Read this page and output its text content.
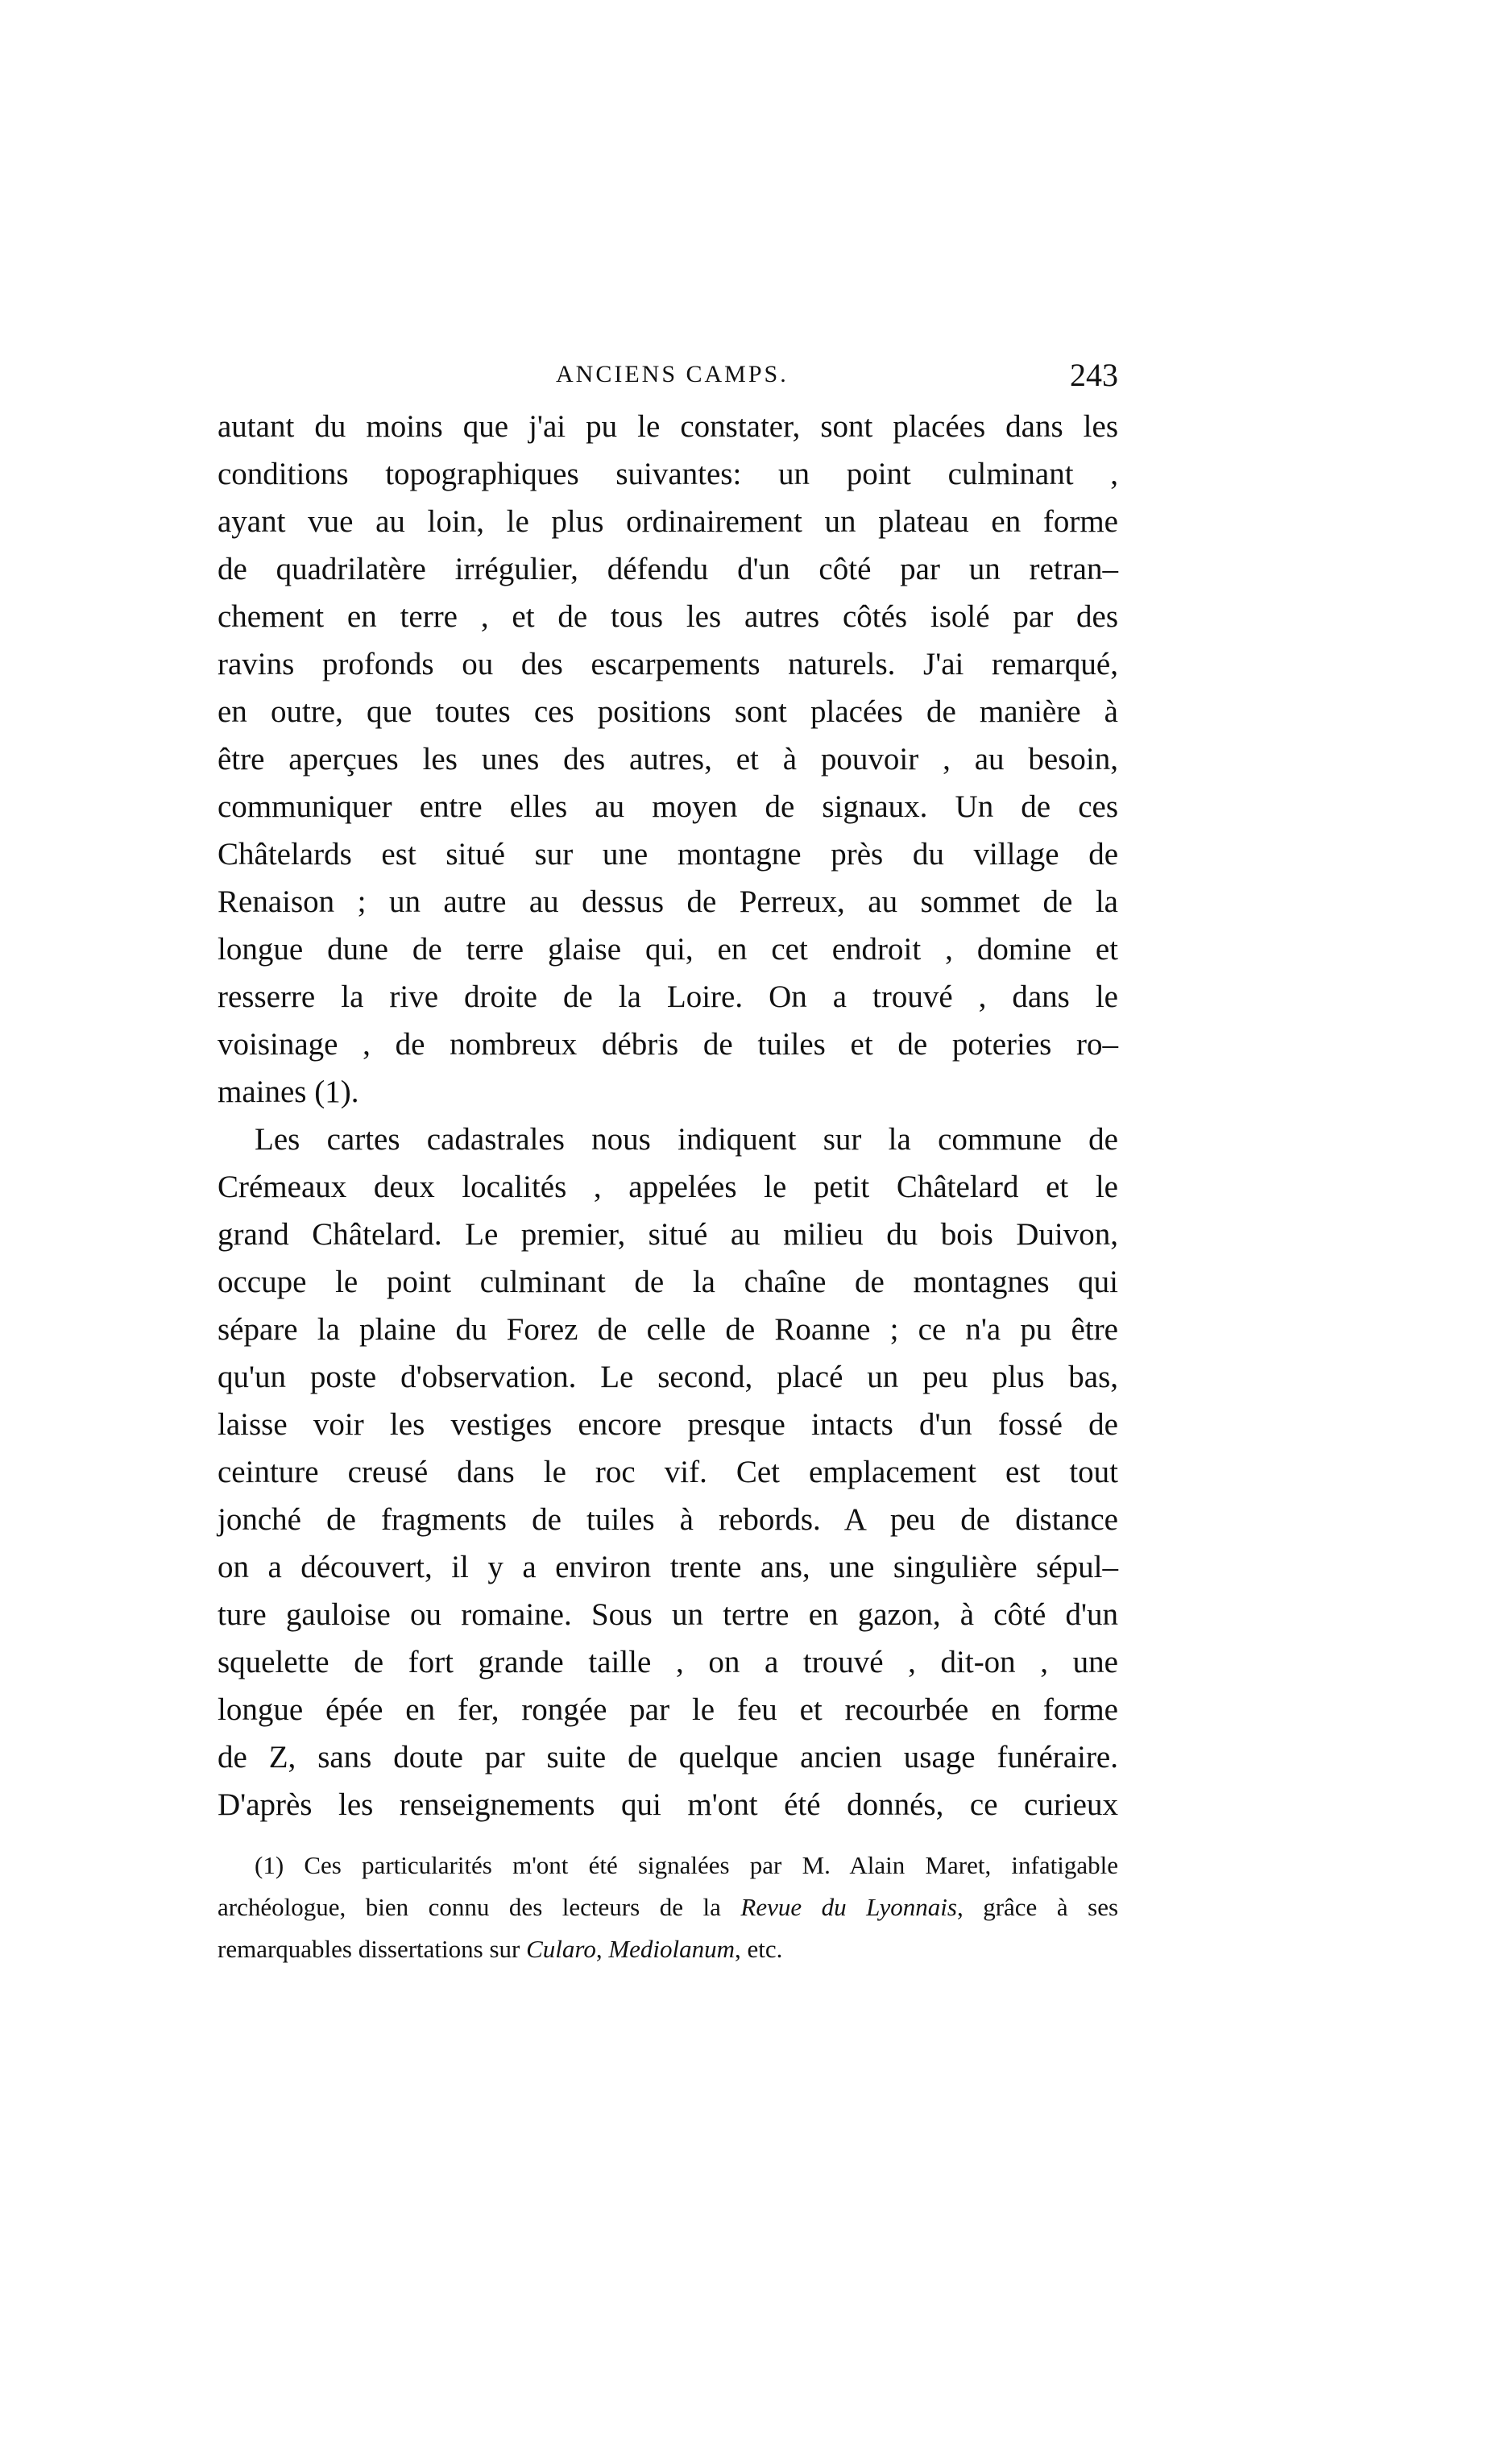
ANCIENS CAMPS.	243
autant du moins que j'ai pu le constater, sont placées dans les
conditions topographiques suivantes: un point culminant ,
ayant vue au loin, le plus ordinairement un plateau en forme
de quadrilatère irrégulier, défendu d'un côté par un retran–
chement en terre , et de tous les autres côtés isolé par des
ravins profonds ou des escarpements naturels. J'ai remarqué,
en outre, que toutes ces positions sont placées de manière à
être aperçues les unes des autres, et à pouvoir , au besoin,
communiquer entre elles au moyen de signaux. Un de ces
Châtelards est situé sur une montagne près du village de
Renaison ; un autre au dessus de Perreux, au sommet de la
longue dune de terre glaise qui, en cet endroit , domine et
resserre la rive droite de la Loire. On a trouvé , dans le
voisinage , de nombreux débris de tuiles et de poteries ro–
maines (1).
Les cartes cadastrales nous indiquent sur la commune de
Crémeaux deux localités , appelées le petit Châtelard et le
grand Châtelard. Le premier, situé au milieu du bois Duivon,
occupe le point culminant de la chaîne de montagnes qui
sépare la plaine du Forez de celle de Roanne ; ce n'a pu être
qu'un poste d'observation. Le second, placé un peu plus bas,
laisse voir les vestiges encore presque intacts d'un fossé de
ceinture creusé dans le roc vif. Cet emplacement est tout
jonché de fragments de tuiles à rebords. A peu de distance
on a découvert, il y a environ trente ans, une singulière sépul–
ture gauloise ou romaine. Sous un tertre en gazon, à côté d'un
squelette de fort grande taille , on a trouvé , dit-on , une
longue épée en fer, rongée par le feu et recourbée en forme
de Z, sans doute par suite de quelque ancien usage funéraire.
D'après les renseignements qui m'ont été donnés, ce curieux
(1) Ces particularités m'ont été signalées par M. Alain Maret, infatigable
archéologue, bien connu des lecteurs de la Revue du Lyonnais, grâce à ses
remarquables dissertations sur Cularo, Mediolanum, etc.
